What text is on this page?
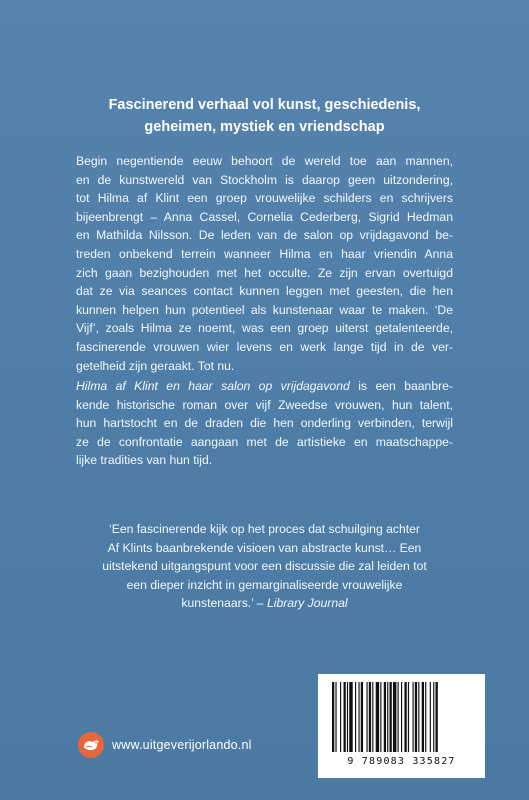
Fascinerend verhaal vol kunst, geschiedenis,
geheimen, mystiek en vriendschap
Begin negentiende eeuw behoort de wereld toe aan mannen,
en de kunstwereld van Stockholm is daarop geen uitzondering,
tot Hilma af Klint een groep vrouwelijke schilders en schrijvers
bijeenbrengt – Anna Cassel, Cornelia Cederberg, Sigrid Hedman
en Mathilda Nilsson. De leden van de salon op vrijdagavond be-
treden onbekend terrein wanneer Hilma en haar vriendin Anna
zich gaan bezighouden met het occulte. Ze zijn ervan overtuigd
dat ze via seances contact kunnen leggen met geesten, die hen
kunnen helpen hun potentieel als kunstenaar waar te maken. ‘De
Vijf’, zoals Hilma ze noemt, was een groep uiterst getalenteerde,
fascinerende vrouwen wier levens en werk lange tijd in de ver-
getelheid zijn geraakt. Tot nu.
Hilma af Klint en haar salon op vrijdagavond is een baanbre-
kende historische roman over vijf Zweedse vrouwen, hun talent,
hun hartstocht en de draden die hen onderling verbinden, terwijl
ze de confrontatie aangaan met de artistieke en maatschappe-
lijke tradities van hun tijd.
‘Een fascinerende kijk op het proces dat schuilging achter
Af Klints baanbrekende visioen van abstracte kunst… Een
uitstekend uitgangspunt voor een discussie die zal leiden tot
een dieper inzicht in gemarginaliseerde vrouwelijke
kunstenaars.’ – Library Journal
www.uitgeverijorlando.nl
9 789083 335827
